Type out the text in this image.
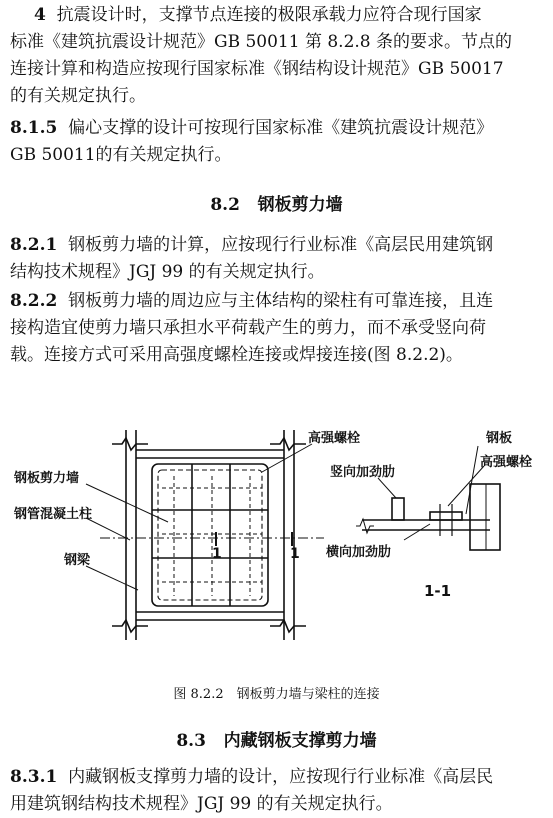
4 抗震设计时，支撑节点连接的极限承载力应符合现行国家
标准《建筑抗震设计规范》GB 50011 第 8.2.8 条的要求。节点的
连接计算和构造应按现行国家标准《钢结构设计规范》GB 50017
的有关规定执行。
8.1.5 偏心支撑的设计可按现行国家标准《建筑抗震设计规范》
GB 50011的有关规定执行。
8.2 钢板剪力墙
8.2.1 钢板剪力墙的计算，应按现行行业标准《高层民用建筑钢
结构技术规程》JGJ 99 的有关规定执行。
8.2.2 钢板剪力墙的周边应与主体结构的梁柱有可靠连接，且连
接构造宜使剪力墙只承担水平荷载产生的剪力，而不承受竖向荷
载。连接方式可采用高强度螺栓连接或焊接连接(图 8.2.2)。
高强螺栓
钢板剪力墙
钢管混凝土柱
钢梁	1	1
钢板
高强螺栓
竖向加劲肋
横向加劲肋
1-1
图 8.2.2　钢板剪力墙与梁柱的连接
8.3 内藏钢板支撑剪力墙
8.3.1 内藏钢板支撑剪力墙的设计，应按现行行业标准《高层民
用建筑钢结构技术规程》JGJ 99 的有关规定执行。
